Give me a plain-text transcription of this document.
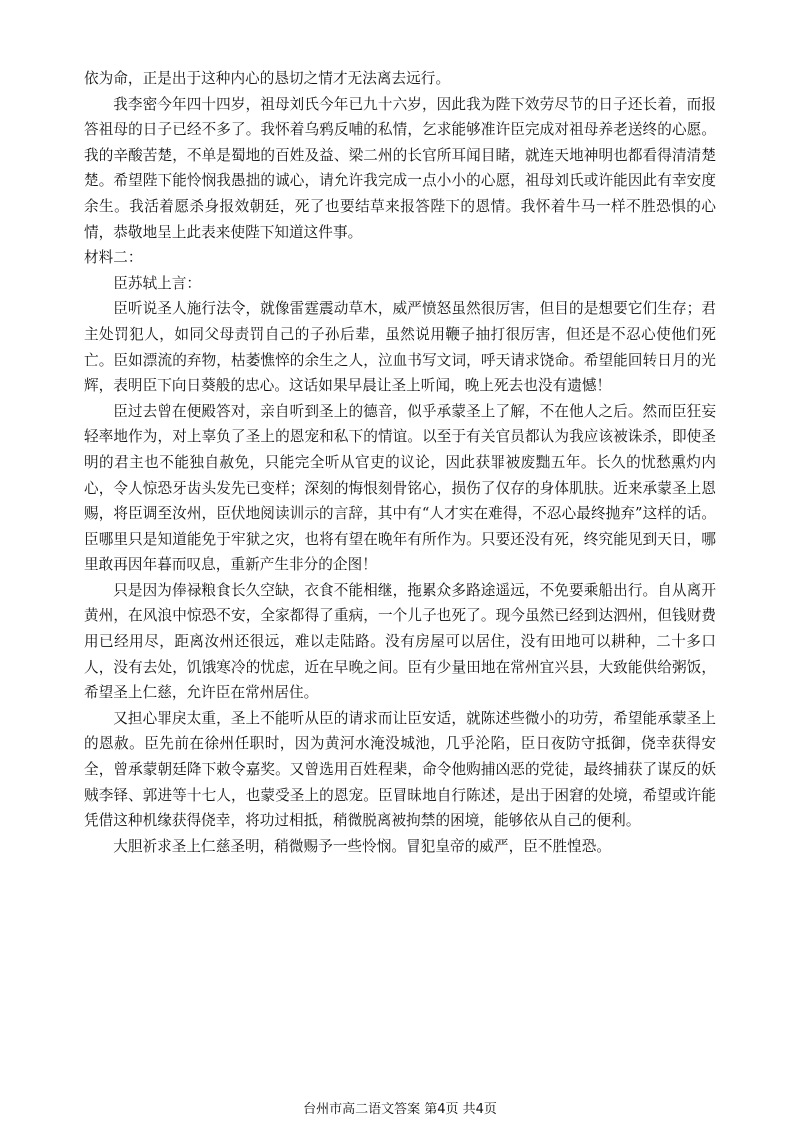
依为命，正是出于这种内心的恳切之情才无法离去远行。

我李密今年四十四岁，祖母刘氏今年已九十六岁，因此我为陛下效劳尽节的日子还长着，而报答祖母的日子已经不多了。我怀着乌鸦反哺的私情，乞求能够准许臣完成对祖母养老送终的心愿。我的辛酸苦楚，不单是蜀地的百姓及益、梁二州的长官所耳闻目睹，就连天地神明也都看得清清楚楚。希望陛下能怜悯我愚拙的诚心，请允许我完成一点小小的心愿，祖母刘氏或许能因此有幸安度余生。我活着愿杀身报效朝廷，死了也要结草来报答陛下的恩情。我怀着牛马一样不胜恐惧的心情，恭敬地呈上此表来使陛下知道这件事。

材料二：

臣苏轼上言：

臣听说圣人施行法令，就像雷霆震动草木，威严愤怒虽然很厉害，但目的是想要它们生存；君主处罚犯人，如同父母责罚自己的子孙后辈，虽然说用鞭子抽打很厉害，但还是不忍心使他们死亡。臣如漂流的弃物，枯萎憔悴的余生之人，泣血书写文词，呼天请求饶命。希望能回转日月的光辉，表明臣下向日葵般的忠心。这话如果早晨让圣上听闻，晚上死去也没有遗憾！

臣过去曾在便殿答对，亲自听到圣上的德音，似乎承蒙圣上了解，不在他人之后。然而臣狂妄轻率地作为，对上辜负了圣上的恩宠和私下的情谊。以至于有关官员都认为我应该被诛杀，即使圣明的君主也不能独自赦免，只能完全听从官吏的议论，因此获罪被废黜五年。长久的忧愁熏灼内心，令人惊恐牙齿头发先已变样；深刻的悔恨刻骨铭心，损伤了仅存的身体肌肤。近来承蒙圣上恩赐，将臣调至汝州，臣伏地阅读训示的言辞，其中有“人才实在难得，不忍心最终抛弃”这样的话。臣哪里只是知道能免于牢狱之灾，也将有望在晚年有所作为。只要还没有死，终究能见到天日，哪里敢再因年暮而叹息，重新产生非分的企图！

只是因为俸禄粮食长久空缺，衣食不能相继，拖累众多路途遥远，不免要乘船出行。自从离开黄州，在风浪中惊恐不安，全家都得了重病，一个儿子也死了。现今虽然已经到达泗州，但钱财费用已经用尽，距离汝州还很远，难以走陆路。没有房屋可以居住，没有田地可以耕种，二十多口人，没有去处，饥饿寒冷的忧虑，近在早晚之间。臣有少量田地在常州宜兴县，大致能供给粥饭，希望圣上仁慈，允许臣在常州居住。

又担心罪戾太重，圣上不能听从臣的请求而让臣安适，就陈述些微小的功劳，希望能承蒙圣上的恩赦。臣先前在徐州任职时，因为黄河水淹没城池，几乎沦陷，臣日夜防守抵御，侥幸获得安全，曾承蒙朝廷降下敕令嘉奖。又曾选用百姓程棐，命令他购捕凶恶的党徒，最终捕获了谋反的妖贼李铎、郭进等十七人，也蒙受圣上的恩宠。臣冒昧地自行陈述，是出于困窘的处境，希望或许能凭借这种机缘获得侥幸，将功过相抵，稍微脱离被拘禁的困境，能够依从自己的便利。

大胆祈求圣上仁慈圣明，稍微赐予一些怜悯。冒犯皇帝的威严，臣不胜惶恐。

台州市高二语文答案 第4页 共4页
